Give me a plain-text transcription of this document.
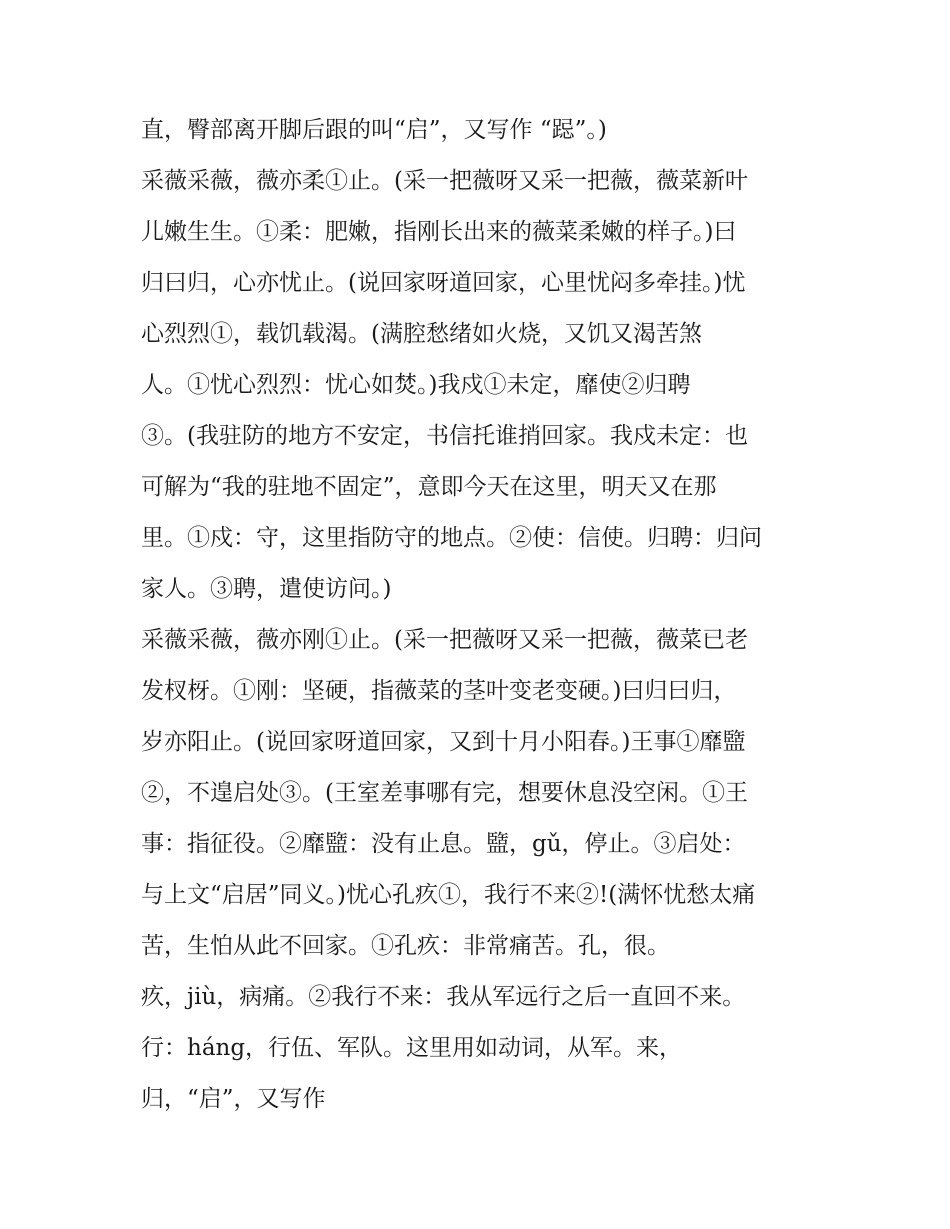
直，臀部离开脚后跟的叫“启”，又写作 “跽”。)
采薇采薇，薇亦柔①止。(采一把薇呀又采一把薇，薇菜新叶
儿嫩生生。①柔：肥嫩，指刚长出来的薇菜柔嫩的样子。)曰
归曰归，心亦忧止。(说回家呀道回家，心里忧闷多牵挂。)忧
心烈烈①，载饥载渴。(满腔愁绪如火烧，又饥又渴苦煞
人。①忧心烈烈：忧心如焚。)我戍①未定，靡使②归聘
③。(我驻防的地方不安定，书信托谁捎回家。我戍未定：也
可解为“我的驻地不固定”，意即今天在这里，明天又在那
里。①戍：守，这里指防守的地点。②使：信使。归聘：归问
家人。③聘，遣使访问。)
采薇采薇，薇亦刚①止。(采一把薇呀又采一把薇，薇菜已老
发杈枒。①刚：坚硬，指薇菜的茎叶变老变硬。)曰归曰归，
岁亦阳止。(说回家呀道回家，又到十月小阳春。)王事①靡盬
②，不遑启处③。(王室差事哪有完，想要休息没空闲。①王
事：指征役。②靡盬：没有止息。盬，gǔ，停止。③启处：
与上文“启居”同义。)忧心孔疚①，我行不来②!(满怀忧愁太痛
苦，生怕从此不回家。①孔疚：非常痛苦。孔，很。
疚，jiù，病痛。②我行不来：我从军远行之后一直回不来。
行：háng，行伍、军队。这里用如动词，从军。来，
归，“启”，又写作
